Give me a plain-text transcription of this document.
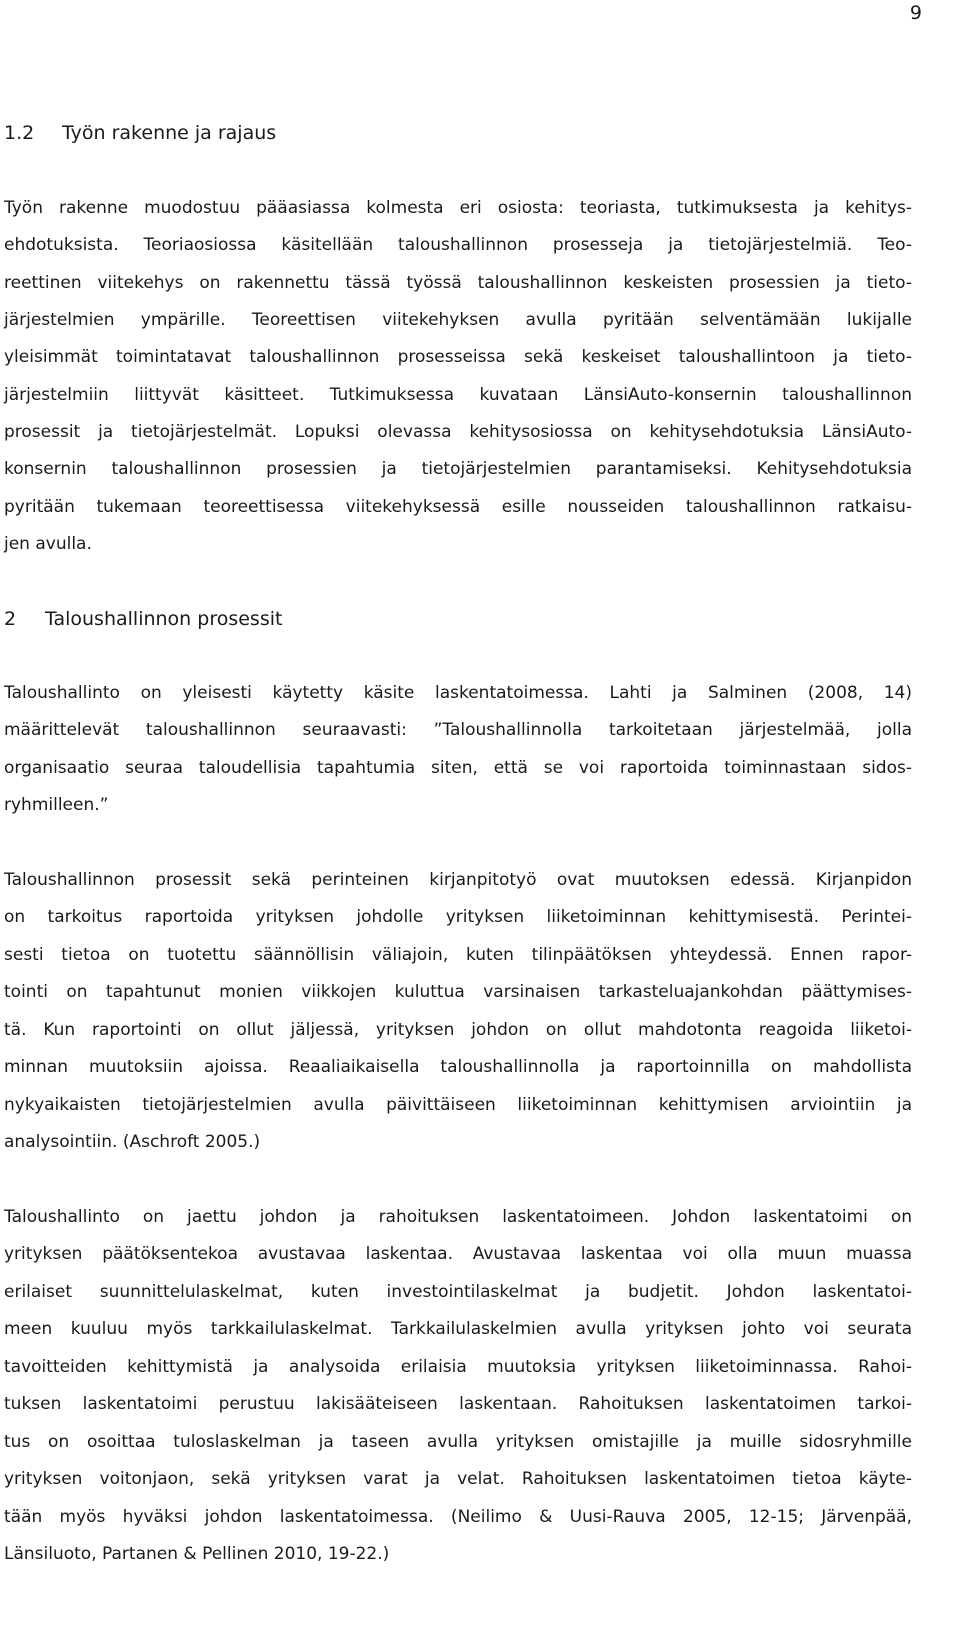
9
1.2 Työn rakenne ja rajaus
Työn rakenne muodostuu pääasiassa kolmesta eri osiosta: teoriasta, tutkimuksesta ja kehitys-
ehdotuksista. Teoriaosiossa käsitellään taloushallinnon prosesseja ja tietojärjestelmiä. Teo-
reettinen viitekehys on rakennettu tässä työssä taloushallinnon keskeisten prosessien ja tieto-
järjestelmien ympärille. Teoreettisen viitekehyksen avulla pyritään selventämään lukijalle
yleisimmät toimintatavat taloushallinnon prosesseissa sekä keskeiset taloushallintoon ja tieto-
järjestelmiin liittyvät käsitteet. Tutkimuksessa kuvataan LänsiAuto-konsernin taloushallinnon
prosessit ja tietojärjestelmät. Lopuksi olevassa kehitysosiossa on kehitysehdotuksia LänsiAuto-
konsernin taloushallinnon prosessien ja tietojärjestelmien parantamiseksi. Kehitysehdotuksia
pyritään tukemaan teoreettisessa viitekehyksessä esille nousseiden taloushallinnon ratkaisu-
jen avulla.
2 Taloushallinnon prosessit
Taloushallinto on yleisesti käytetty käsite laskentatoimessa. Lahti ja Salminen (2008, 14)
määrittelevät taloushallinnon seuraavasti: ”Taloushallinnolla tarkoitetaan järjestelmää, jolla
organisaatio seuraa taloudellisia tapahtumia siten, että se voi raportoida toiminnastaan sidos-
ryhmilleen.”
Taloushallinnon prosessit sekä perinteinen kirjanpitotyö ovat muutoksen edessä. Kirjanpidon
on tarkoitus raportoida yrityksen johdolle yrityksen liiketoiminnan kehittymisestä. Perintei-
sesti tietoa on tuotettu säännöllisin väliajoin, kuten tilinpäätöksen yhteydessä. Ennen rapor-
tointi on tapahtunut monien viikkojen kuluttua varsinaisen tarkasteluajankohdan päättymises-
tä. Kun raportointi on ollut jäljessä, yrityksen johdon on ollut mahdotonta reagoida liiketoi-
minnan muutoksiin ajoissa. Reaaliaikaisella taloushallinnolla ja raportoinnilla on mahdollista
nykyaikaisten tietojärjestelmien avulla päivittäiseen liiketoiminnan kehittymisen arviointiin ja
analysointiin. (Aschroft 2005.)
Taloushallinto on jaettu johdon ja rahoituksen laskentatoimeen. Johdon laskentatoimi on
yrityksen päätöksentekoa avustavaa laskentaa. Avustavaa laskentaa voi olla muun muassa
erilaiset suunnittelulaskelmat, kuten investointilaskelmat ja budjetit. Johdon laskentatoi-
meen kuuluu myös tarkkailulaskelmat. Tarkkailulaskelmien avulla yrityksen johto voi seurata
tavoitteiden kehittymistä ja analysoida erilaisia muutoksia yrityksen liiketoiminnassa. Rahoi-
tuksen laskentatoimi perustuu lakisääteiseen laskentaan. Rahoituksen laskentatoimen tarkoi-
tus on osoittaa tuloslaskelman ja taseen avulla yrityksen omistajille ja muille sidosryhmille
yrityksen voitonjaon, sekä yrityksen varat ja velat. Rahoituksen laskentatoimen tietoa käyte-
tään myös hyväksi johdon laskentatoimessa. (Neilimo & Uusi-Rauva 2005, 12-15; Järvenpää,
Länsiluoto, Partanen & Pellinen 2010, 19-22.)
